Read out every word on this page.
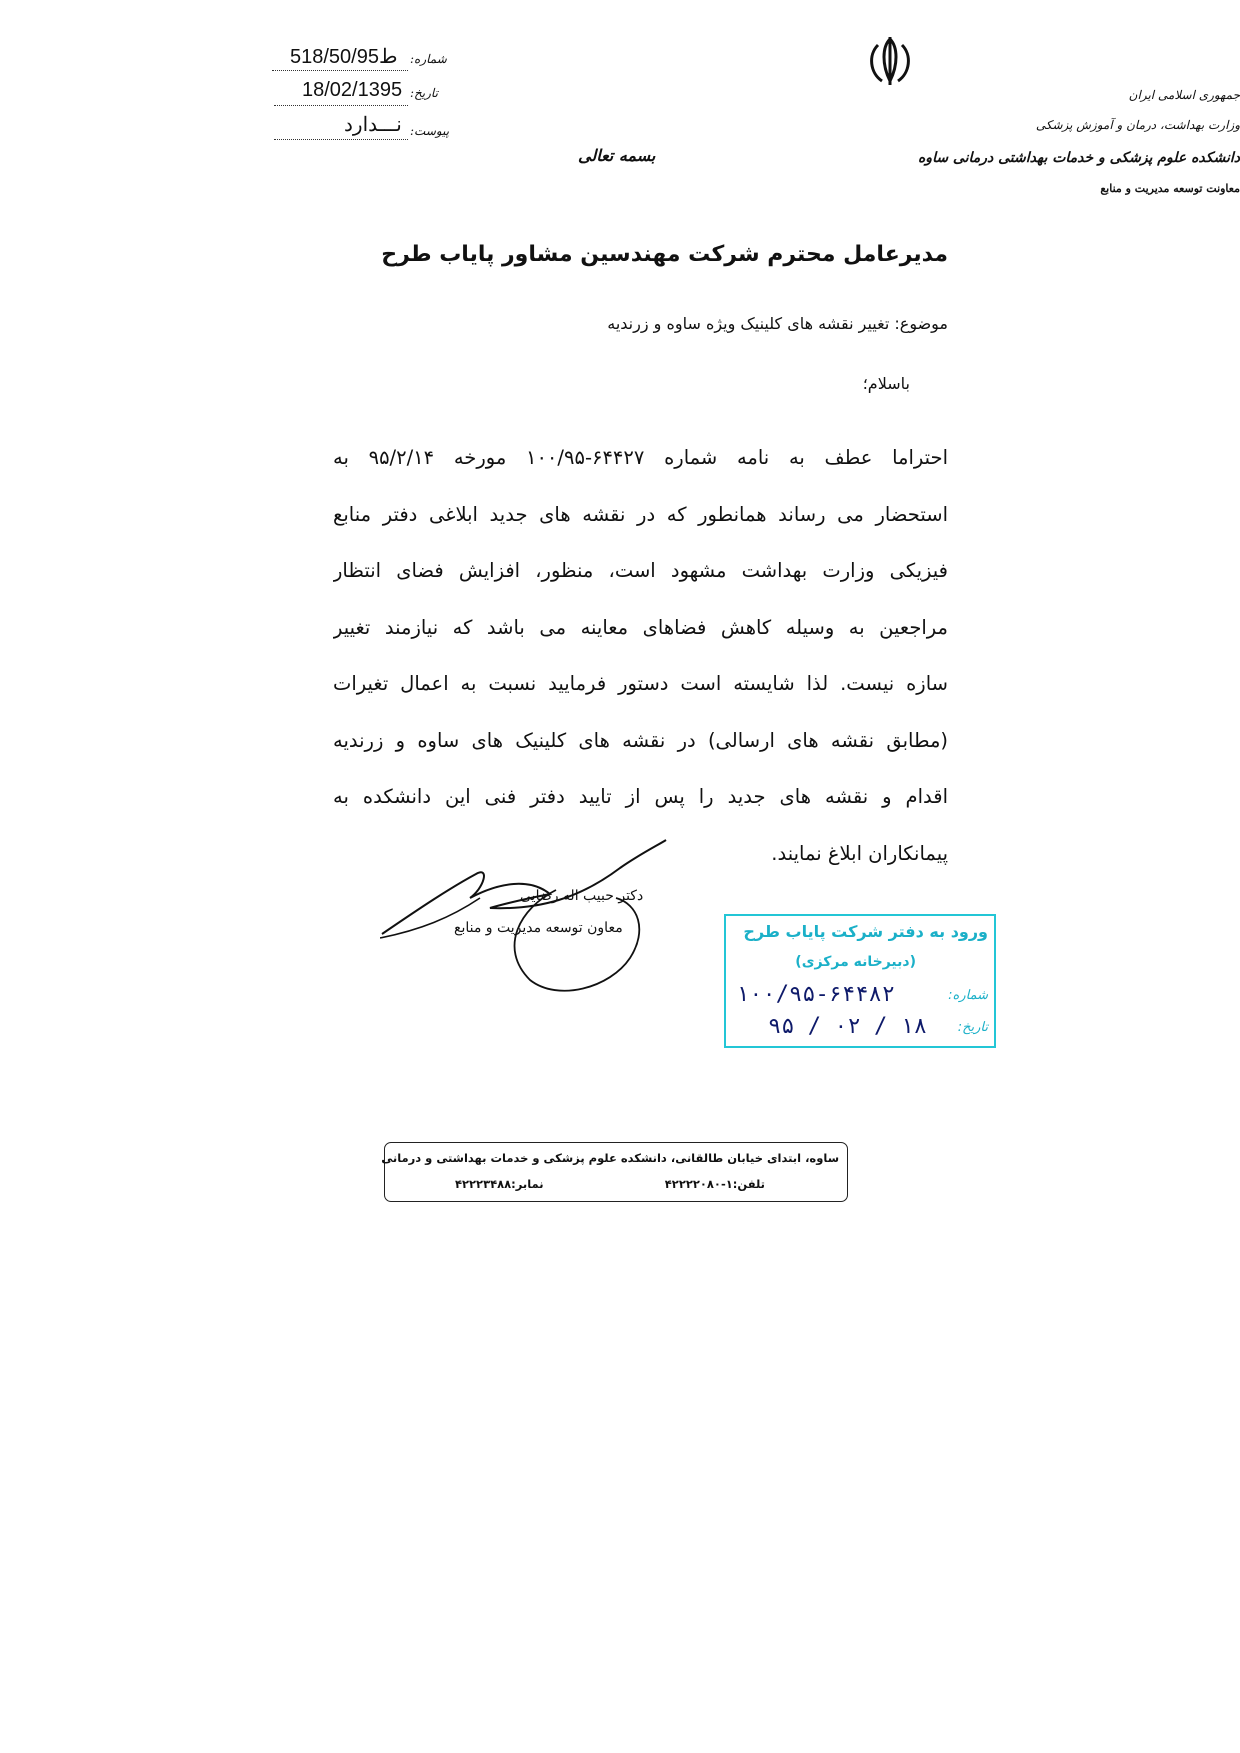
518/50/ط95 شماره:
18/02/1395 تاریخ:
نـــدارد پیوست:
بسمه تعالی
جمهوری اسلامی ایران
وزارت بهداشت، درمان و آموزش پزشکی
دانشکده علوم پزشکی و خدمات بهداشتی درمانی ساوه
معاونت توسعه مدیریت و منابع
مدیرعامل محترم شرکت مهندسین مشاور پایاب طرح
موضوع: تغییر نقشه های کلینیک ویژه ساوه و زرندیه
باسلام؛
احتراما عطف به نامه شماره ۶۴۴۲۷-۱۰۰/۹۵ مورخه ۹۵/۲/۱۴ به
استحضار می رساند همانطور که در نقشه های جدید ابلاغی دفتر منابع
فیزیکی وزارت بهداشت مشهود است، منظور، افزایش فضای انتظار
مراجعین به وسیله کاهش فضاهای معاینه می باشد که نیازمند تغییر
سازه نیست. لذا شایسته است دستور فرمایید نسبت به اعمال تغیرات
(مطابق نقشه های ارسالی) در نقشه های کلینیک های ساوه و زرندیه
اقدام و نقشه های جدید را پس از تایید دفتر فنی این دانشکده به
پیمانکاران ابلاغ نمایند.
دکتر حبیب اله رضایی
معاون توسعه مدیریت و منابع	ورود به دفتر شرکت پایاب طرح
(دبیرخانه مرکزی)
شماره:
۱۰۰/۹۵-۶۴۴۸۲
تاریخ:
۹۵ / ۰۲ / ۱۸
ساوه، ابتدای خیابان طالقانی، دانشکده علوم پزشکی و خدمات بهداشتی و درمانی
تلفن:۱-۴۲۲۲۲۰۸۰
نمابر:۴۲۲۲۳۴۸۸
